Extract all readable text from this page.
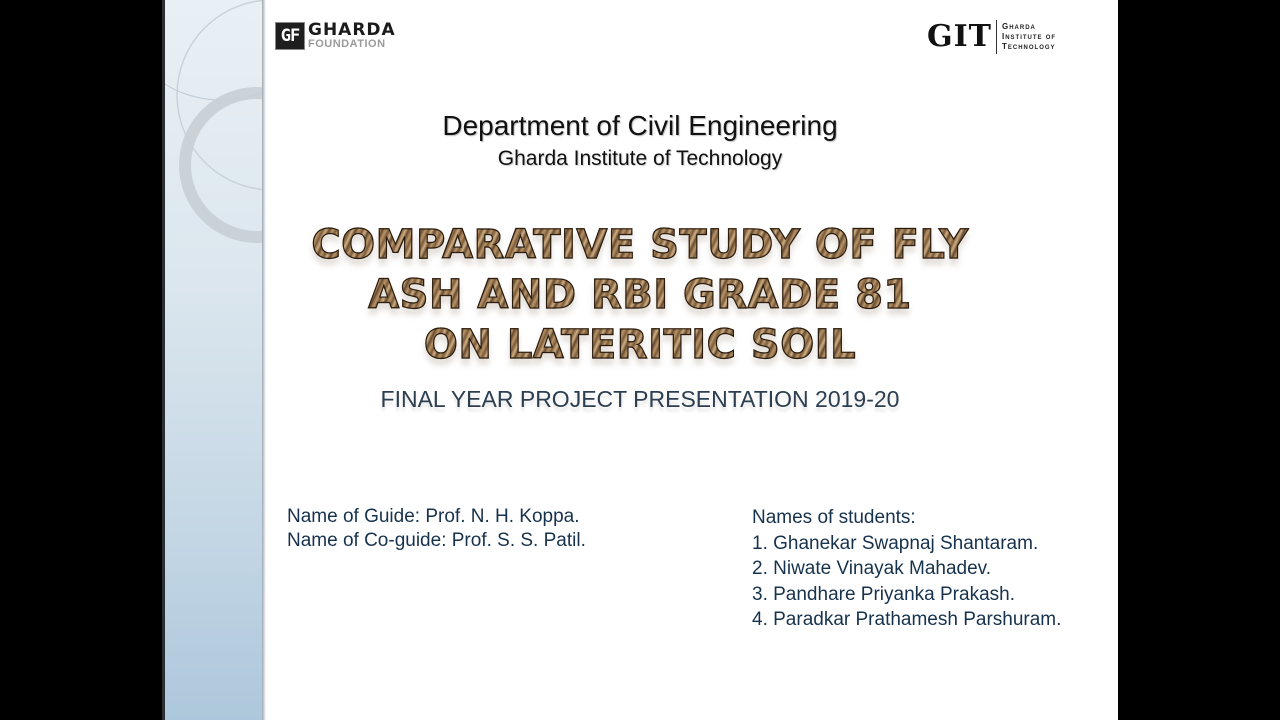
GF GHARDA
FOUNDATION	GIT Gharda
Institute of
Technology
Department of Civil Engineering
Gharda Institute of Technology
COMPARATIVE STUDY OF FLY
ASH AND RBI GRADE 81
ON LATERITIC SOIL
FINAL YEAR PROJECT PRESENTATION 2019-20
Name of Guide: Prof. N. H. Koppa.
Name of Co-guide: Prof. S. S. Patil.
Names of students:
1. Ghanekar Swapnaj Shantaram.
2. Niwate Vinayak Mahadev.
3. Pandhare Priyanka Prakash.
4. Paradkar Prathamesh Parshuram.
